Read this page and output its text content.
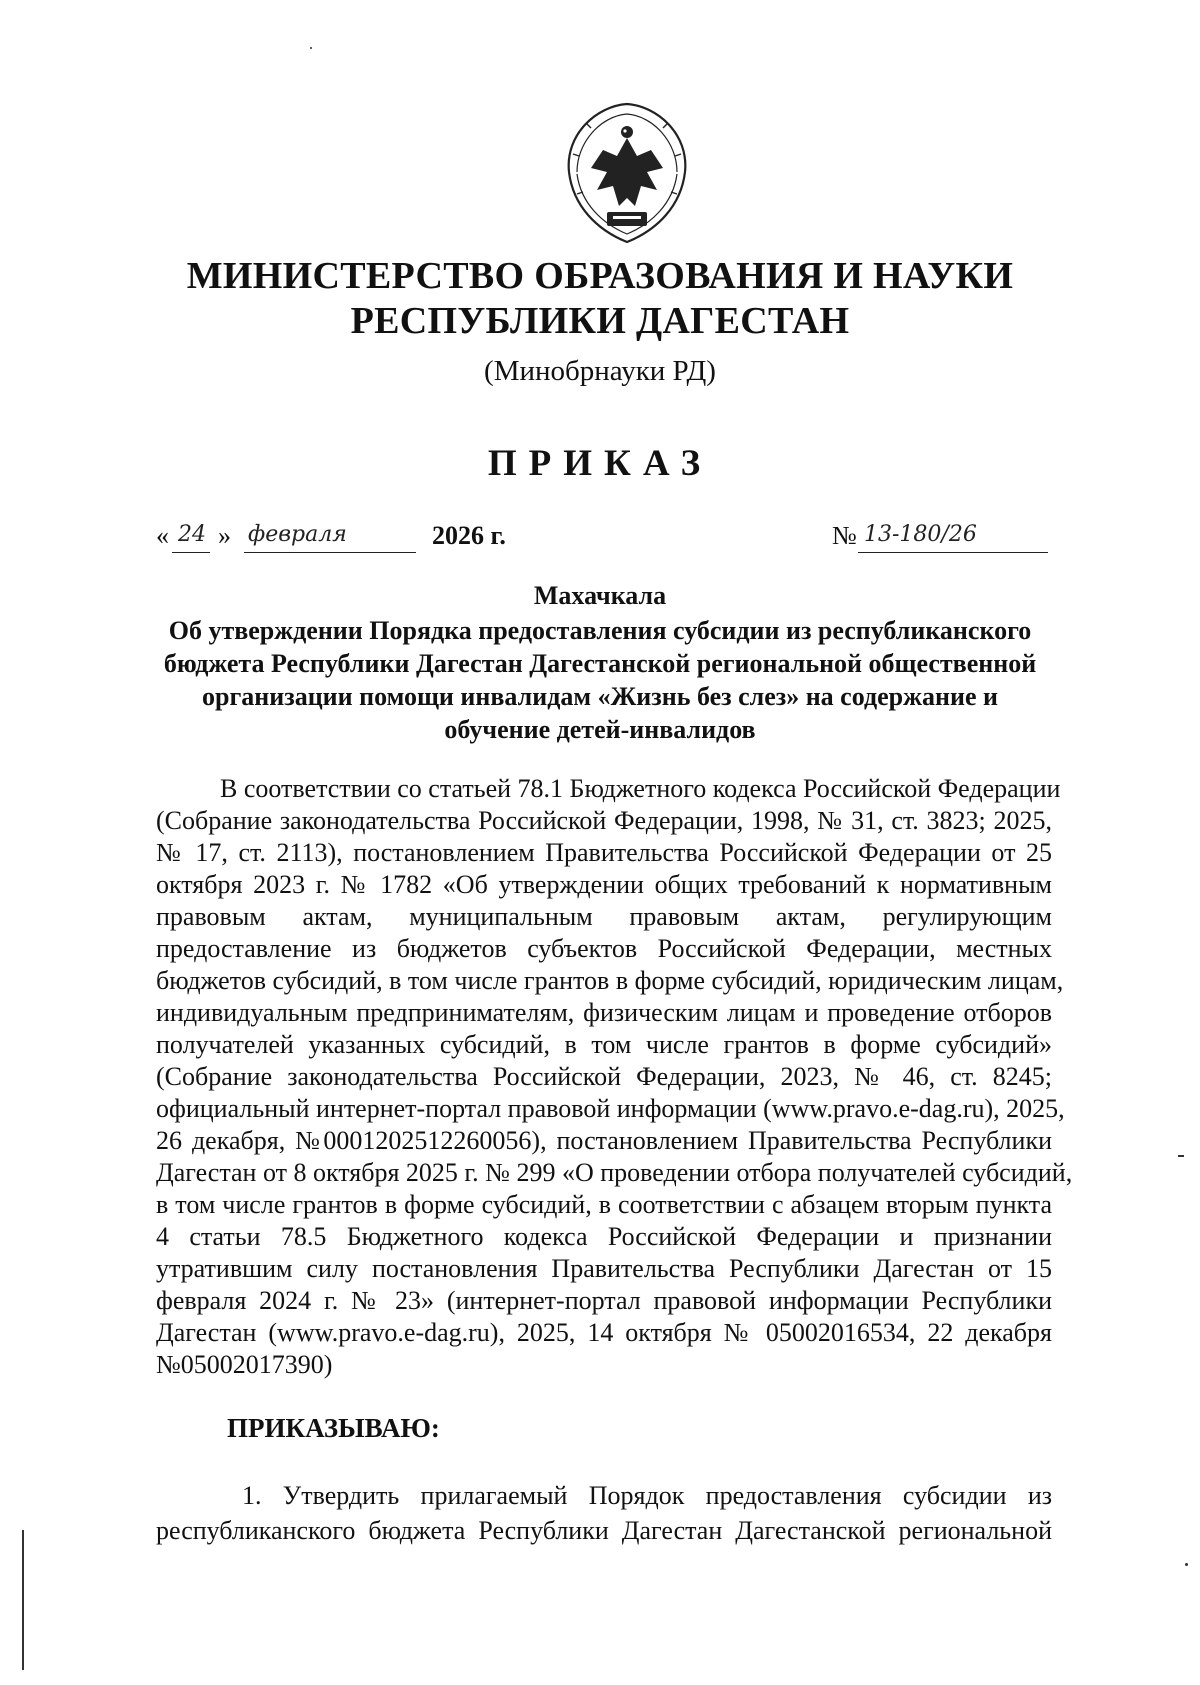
МИНИСТЕРСТВО ОБРАЗОВАНИЯ И НАУКИ
РЕСПУБЛИКИ ДАГЕСТАН
(Минобрнауки РД)
ПРИКАЗ
« 24 » февраля	2026 г.	№ 13-180/26
Махачкала
Об утверждении Порядка предоставления субсидии из республиканского
бюджета Республики Дагестан Дагестанской региональной общественной
организации помощи инвалидам «Жизнь без слез» на содержание и
обучение детей-инвалидов
В соответствии со статьей 78.1 Бюджетного кодекса Российской Федерации
(Собрание законодательства Российской Федерации, 1998, № 31, ст. 3823; 2025,
№ 17, ст. 2113), постановлением Правительства Российской Федерации от 25
октября 2023 г. № 1782 «Об утверждении общих требований к нормативным
правовым актам, муниципальным правовым актам, регулирующим
предоставление из бюджетов субъектов Российской Федерации, местных
бюджетов субсидий, в том числе грантов в форме субсидий, юридическим лицам,
индивидуальным предпринимателям, физическим лицам и проведение отборов
получателей указанных субсидий, в том числе грантов в форме субсидий»
(Собрание законодательства Российской Федерации, 2023, № 46, ст. 8245;
официальный интернет-портал правовой информации (www.pravo.e-dag.ru), 2025,
26 декабря, №0001202512260056), постановлением Правительства Республики
Дагестан от 8 октября 2025 г. № 299 «О проведении отбора получателей субсидий,
в том числе грантов в форме субсидий, в соответствии с абзацем вторым пункта
4 статьи 78.5 Бюджетного кодекса Российской Федерации и признании
утратившим силу постановления Правительства Республики Дагестан от 15
февраля 2024 г. № 23» (интернет-портал правовой информации Республики
Дагестан (www.pravo.e-dag.ru), 2025, 14 октября № 05002016534, 22 декабря
№05002017390)
ПРИКАЗЫВАЮ:
1. Утвердить прилагаемый Порядок предоставления субсидии из
республиканского бюджета Республики Дагестан Дагестанской региональной
